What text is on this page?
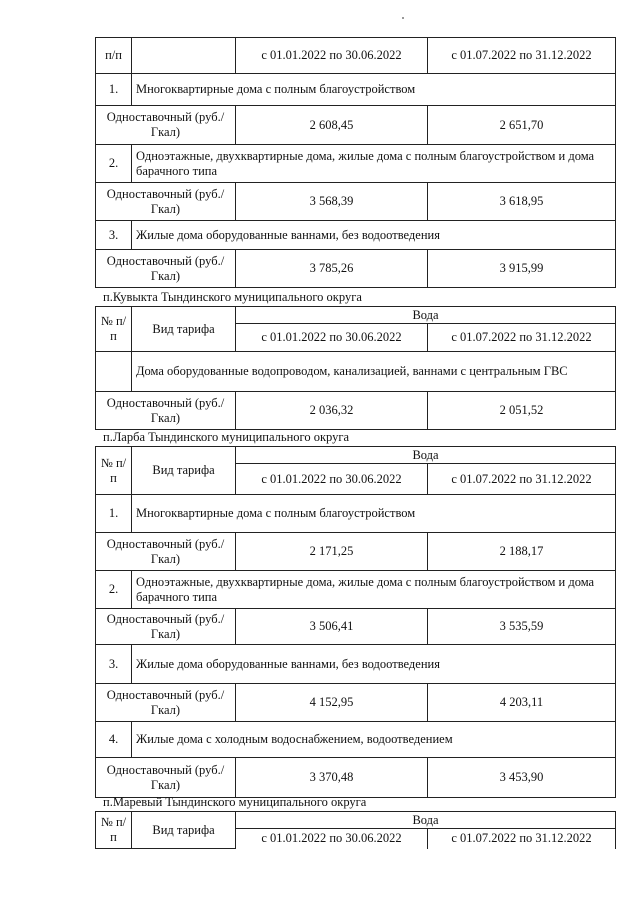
п/п		с 01.01.2022 по 30.06.2022	с 01.07.2022 по 31.12.2022
1.	Многоквартирные дома с полным благоустройством		
Одноставочный (руб./Гкал)		2 608,45	2 651,70
2.	Одноэтажные, двухквартирные дома, жилые дома с полным благоустройством и дома барачного типа		
Одноставочный (руб./Гкал)		3 568,39	3 618,95
3.	Жилые дома оборудованные ваннами, без водоотведения		
Одноставочный (руб./Гкал)		3 785,26	3 915,99
п.Кувыкта Тындинского муниципального округа
№ п/п	Вид тарифа	Вода	
		с 01.01.2022 по 30.06.2022	с 01.07.2022 по 31.12.2022
	Дома оборудованные водопроводом, канализацией, ваннами с центральным ГВС		
Одноставочный (руб./Гкал)		2 036,32	2 051,52
п.Ларба Тындинского муниципального округа
№ п/п	Вид тарифа	Вода	
		с 01.01.2022 по 30.06.2022	с 01.07.2022 по 31.12.2022
1.	Многоквартирные дома с полным благоустройством		
Одноставочный (руб./Гкал)		2 171,25	2 188,17
2.	Одноэтажные, двухквартирные дома, жилые дома с полным благоустройством и дома барачного типа		
Одноставочный (руб./Гкал)		3 506,41	3 535,59
3.	Жилые дома оборудованные ваннами, без водоотведения		
Одноставочный (руб./Гкал)		4 152,95	4 203,11
4.	Жилые дома с холодным водоснабжением, водоотведением		
Одноставочный (руб./Гкал)		3 370,48	3 453,90
п.Маревый Тындинского муниципального округа
№ п/п	Вид тарифа	Вода	
		с 01.01.2022 по 30.06.2022	с 01.07.2022 по 31.12.2022
